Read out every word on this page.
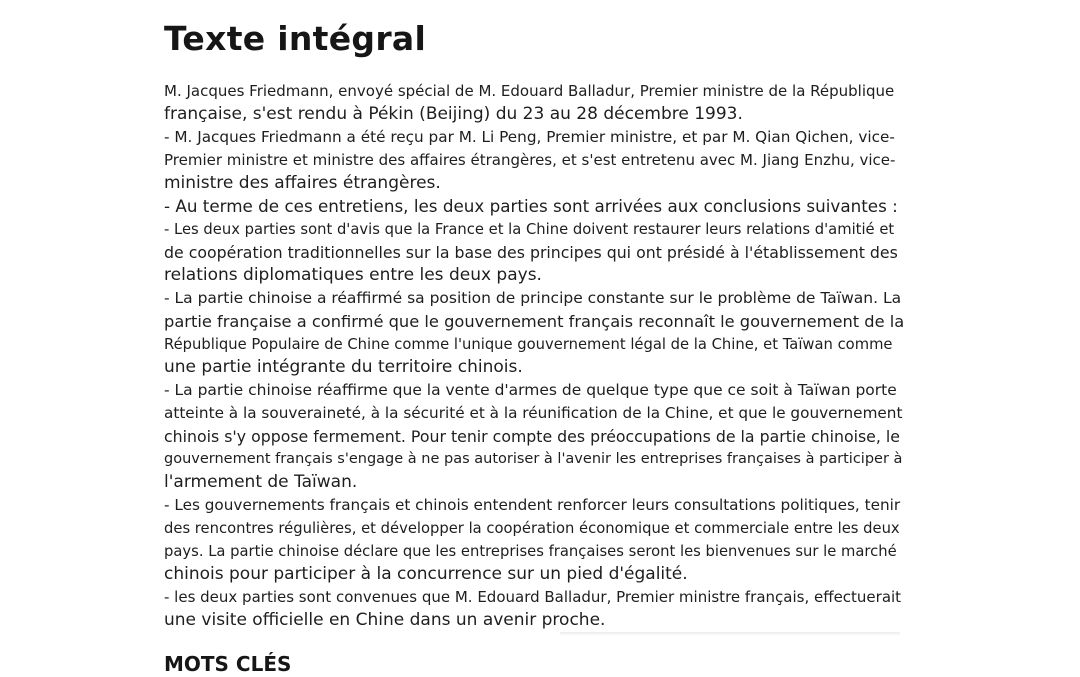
Texte intégral
M. Jacques Friedmann, envoyé spécial de M. Edouard Balladur, Premier ministre de la République
française, s'est rendu à Pékin (Beijing) du 23 au 28 décembre 1993.
- M. Jacques Friedmann a été reçu par M. Li Peng, Premier ministre, et par M. Qian Qichen, vice-
Premier ministre et ministre des affaires étrangères, et s'est entretenu avec M. Jiang Enzhu, vice-
ministre des affaires étrangères.
- Au terme de ces entretiens, les deux parties sont arrivées aux conclusions suivantes :
- Les deux parties sont d'avis que la France et la Chine doivent restaurer leurs relations d'amitié et
de coopération traditionnelles sur la base des principes qui ont présidé à l'établissement des
relations diplomatiques entre les deux pays.
- La partie chinoise a réaffirmé sa position de principe constante sur le problème de Taïwan. La
partie française a confirmé que le gouvernement français reconnaît le gouvernement de la
République Populaire de Chine comme l'unique gouvernement légal de la Chine, et Taïwan comme
une partie intégrante du territoire chinois.
- La partie chinoise réaffirme que la vente d'armes de quelque type que ce soit à Taïwan porte
atteinte à la souveraineté, à la sécurité et à la réunification de la Chine, et que le gouvernement
chinois s'y oppose fermement. Pour tenir compte des préoccupations de la partie chinoise, le
gouvernement français s'engage à ne pas autoriser à l'avenir les entreprises françaises à participer à
l'armement de Taïwan.
- Les gouvernements français et chinois entendent renforcer leurs consultations politiques, tenir
des rencontres régulières, et développer la coopération économique et commerciale entre les deux
pays. La partie chinoise déclare que les entreprises françaises seront les bienvenues sur le marché
chinois pour participer à la concurrence sur un pied d'égalité.
- les deux parties sont convenues que M. Edouard Balladur, Premier ministre français, effectuerait
une visite officielle en Chine dans un avenir proche.
MOTS CLÉS
